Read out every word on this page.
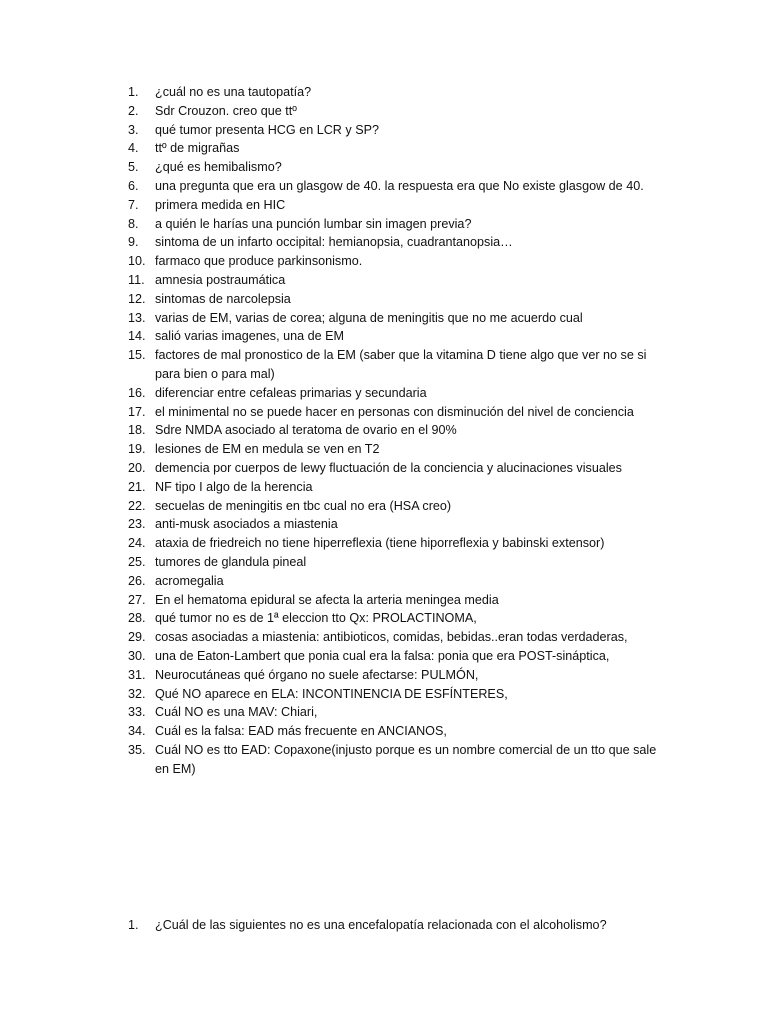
1.	¿cuál no es una tautopatía?
2.	Sdr Crouzon. creo que ttº
3.	qué tumor presenta HCG en LCR y SP?
4.	ttº de migrañas
5.	¿qué es hemibalismo?
6.	una pregunta que era un glasgow de 40. la respuesta era que No existe glasgow de 40.
7.	primera medida en HIC
8.	a quién le harías una punción lumbar sin imagen previa?
9.	sintoma de un infarto occipital: hemianopsia, cuadrantanopsia…
10. farmaco que produce parkinsonismo.
11. amnesia postraumática
12. sintomas de narcolepsia
13. varias de EM, varias de corea; alguna de meningitis que no me acuerdo cual
14. salió varias imagenes, una de EM
15. factores de mal pronostico de la EM (saber que la vitamina D tiene algo que ver no se si para bien o para mal)
16. diferenciar entre cefaleas primarias y secundaria
17. el minimental no se puede hacer en personas con disminución del nivel de conciencia
18. Sdre NMDA asociado al teratoma de ovario en el 90%
19. lesiones de EM en medula se ven en T2
20. demencia por cuerpos de lewy fluctuación de la conciencia y alucinaciones visuales
21. NF tipo I algo de la herencia
22. secuelas de meningitis en tbc cual no era (HSA creo)
23. anti-musk asociados a miastenia
24. ataxia de friedreich no tiene hiperreflexia (tiene hiporreflexia y babinski extensor)
25. tumores de glandula pineal
26. acromegalia
27. En el hematoma epidural se afecta la arteria meningea media
28. qué tumor no es de 1ª eleccion tto Qx: PROLACTINOMA,
29. cosas asociadas a miastenia: antibioticos, comidas, bebidas..eran todas verdaderas,
30. una de Eaton-Lambert que ponia cual era la falsa: ponia que era POST-sináptica,
31. Neurocutáneas qué órgano no suele afectarse: PULMÓN,
32. Qué NO aparece en ELA: INCONTINENCIA DE ESFÍNTERES,
33. Cuál NO es una MAV: Chiari,
34. Cuál es la falsa: EAD más frecuente en ANCIANOS,
35. Cuál NO es tto EAD: Copaxone(injusto porque es un nombre comercial de un tto que sale en EM)
1.	¿Cuál de las siguientes no es una encefalopatía relacionada con el alcoholismo?
